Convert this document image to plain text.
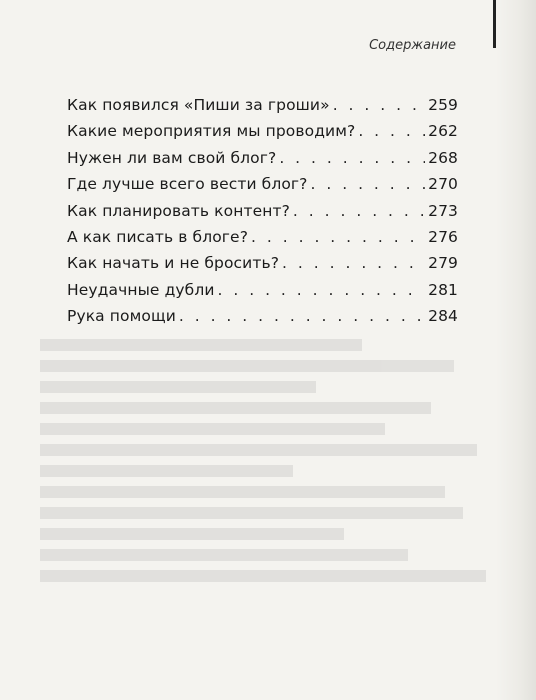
Содержание
Как появился «Пиши за гроши» . . .	259
Какие мероприятия мы проводим? . . .	262
Нужен ли вам свой блог? . . .	268
Где лучше всего вести блог? . . .	270
Как планировать контент? . . .	273
А как писать в блоге? . . .	276
Как начать и не бросить? . . .	279
Неудачные дубли . . .	281
Рука помощи . . .	284
